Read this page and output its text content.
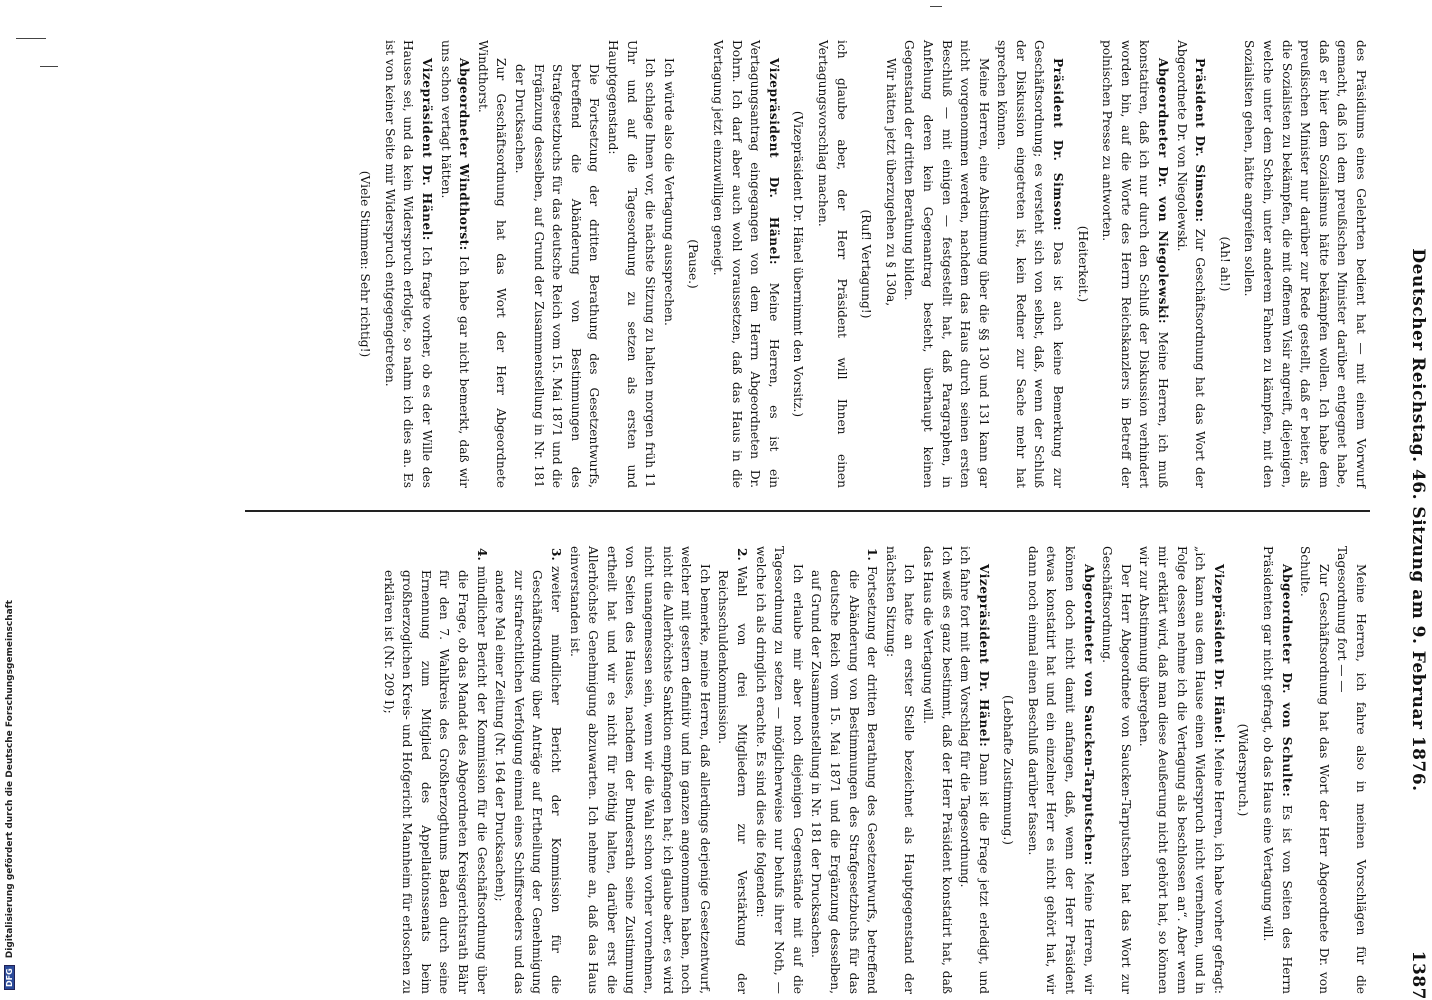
Deutscher Reichstag. 46. Sitzung am 9. Februar 1876.
1387

des Präsidiums eines Gelehrten bedient hat — mit einem Vorwurf gemacht, daß ich dem preußischen Minister darüber entgegnet habe, daß er hier dem Sozialismus hätte bekämpfen wollen. Ich habe dem preußischen Minister nur darüber zur Rede gestellt, daß er beiter, als die Sozialisten zu bekämpfen, die mit offenem Visir angreift, diejenigen, welche unter dem Schein, unter anderem Fahnen zu kämpfen, mit den Sozialisten gehen, hätte angreifen sollen.

(Ah! ah!)

Präsident Dr. Simson: Zur Geschäftsordnung hat das Wort der Abgeordnete Dr. von Niegolewski.

Abgeordneter Dr. von Niegolewski: Meine Herren, ich muß konstatiren, daß ich nur durch den Schluß der Diskussion verhindert worden bin, auf die Worte des Herrn Reichskanzlers in Betreff der polnischen Presse zu antworten.

(Heiterkeit.)

Präsident Dr. Simson: Das ist auch keine Bemerkung zur Geschäftsordnung; es versteht sich von selbst, daß, wenn der Schluß der Diskussion eingetreten ist, kein Redner zur Sache mehr hat sprechen können.

Meine Herren, eine Abstimmung über die §§ 130 und 131 kann gar nicht vorgenommen werden, nachdem das Haus durch seinen ersten Beschluß — mit einigen — festgestellt hat, daß Paragraphen, in Anfehung deren kein Gegenantrag besteht, überhaupt keinen Gegenstand der dritten Berathung bilden.

Wir hätten jetzt überzugehen zu § 130a,

(Ruf! Vertagung!)

ich glaube aber, der Herr Präsident will Ihnen einen Vertagungsvorschlag machen.

(Vizepräsident Dr. Hänel übernimmt den Vorsitz.)

Vizepräsident Dr. Hänel: Meine Herren, es ist ein Vertagungsantrag eingegangen von dem Herrn Abgeordneten Dr. Dohrn. Ich darf aber auch wohl voraussetzen, daß das Haus in die Vertagung jetzt einzuwilligen geneigt.

(Pause.)

Ich würde also die Vertagung aussprechen.

Ich schlage Ihnen vor, die nächste Sitzung zu halten morgen früh 11 Uhr und auf die Tagesordnung zu setzen als ersten und Hauptgegenstand:

Die Fortsetzung der dritten Berathung des Gesetzentwurfs, betreffend die Abänderung von Bestimmungen des Strafgesetzbuchs für das deutsche Reich vom 15. Mai 1871 und die Ergänzung desselben, auf Grund der Zusammenstellung in Nr. 181 der Drucksachen.

Zur Geschäftsordnung hat das Wort der Herr Abgeordnete Windthorst.

Abgeordneter Windthorst: Ich habe gar nicht bemerkt, daß wir uns schon vertagt hätten.

Vizepräsident Dr. Hänel: Ich fragte vorher, ob es der Wille des Hauses sei, und da kein Widerspruch erfolgte, so nahm ich dies an. Es ist von keiner Seite mir Widerspruch entgegengetreten.

(Viele Stimmen: Sehr richtig!)

Meine Herren, ich fahre also in meinen Vorschlägen für die Tagesordnung fort — —

Zur Geschäftsordnung hat das Wort der Herr Abgeordnete Dr. von Schulte.

Abgeordneter Dr. von Schulte: Es ist von Seiten des Herrn Präsidenten gar nicht gefragt, ob das Haus eine Vertagung will.

(Widerspruch.)

Vizepräsident Dr. Hänel: Meine Herren, ich habe vorher gefragt: „ich kann aus dem Hause einen Widerspruch nicht vernehmen, und in Folge dessen nehme ich die Vertagung als beschlossen an“. Aber wenn mir erklärt wird, daß man diese Aeußerung nicht gehört hat, so können wir zur Abstimmung übergehen.

Der Herr Abgeordnete von Saucken-Tarputschen hat das Wort zur Geschäftsordnung.

Abgeordneter von Saucken-Tarputschen: Meine Herren, wir können doch nicht damit anfangen, daß, wenn der Herr Präsident etwas konstatirt hat und ein einzelner Herr es nicht gehört hat, wir dann noch einmal einen Beschluß darüber fassen.

(Lebhafte Zustimmung.)

Vizepräsident Dr. Hänel: Dann ist die Frage jetzt erledigt, und ich fahre fort mit dem Vorschlag für die Tagesordnung.

Ich weiß es ganz bestimmt, daß der Herr Präsident konstatirt hat, daß das Haus die Vertagung will.

Ich hatte an erster Stelle bezeichnet als Hauptgegenstand der nächsten Sitzung:

1.Fortsetzung der dritten Berathung des Gesetzentwurfs, betreffend die Abänderung von Bestimmungen des Strafgesetzbuchs für das deutsche Reich vom 15. Mai 1871 und die Ergänzung desselben, auf Grund der Zusammenstellung in Nr. 181 der Drucksachen.

Ich erlaube mir aber noch diejenigen Gegenstände mit auf die Tagesordnung zu setzen — möglicherweise nur behufs ihrer Noth, — welche ich als dringlich erachte. Es sind dies die folgenden:

2.Wahl von drei Mitgliedern zur Verstärkung der Reichsschuldenkommission.

Ich bemerke, meine Herren, daß allerdings derjenige Gesetzentwurf, welcher mit gestern definitiv und im ganzen angenommen haben, noch nicht die Allerhöchste Sanktion empfangen hat; ich glaube aber, es wird nicht unangemessen sein, wenn wir die Wahl schon vorher vornehmen, von Seiten des Hauses, nachdem der Bundesrath seine Zustimmung ertheilt hat und wir es nicht für nöthig halten, darüber erst die Allerhöchste Genehmigung abzuwarten. Ich nehme an, daß das Haus einverstanden ist.

3.zweiter mündlicher Bericht der Kommission für die Geschäftsordnung über Anträge auf Ertheilung der Genehmigung zur strafrechtlichen Verfolgung einmal eines Schiffsreeders und das andere Mal einer Zeitung (Nr. 164 der Drucksachen);

4.mündlicher Bericht der Kommission für die Geschäftsordnung über die Frage, ob das Mandat des Abgeordneten Kreisgerichtsrath Bähr für den 7. Wahlkreis des Großherzogthums Baden durch seine Ernennung zum Mitglied des Appellationssenats beim großherzoglichen Kreis- und Hofgericht Mannheim für erloschen zu erklären ist (Nr. 209 I);

DFG Digitalisierung gefördert durch die Deutsche Forschungsgemeinschaft
